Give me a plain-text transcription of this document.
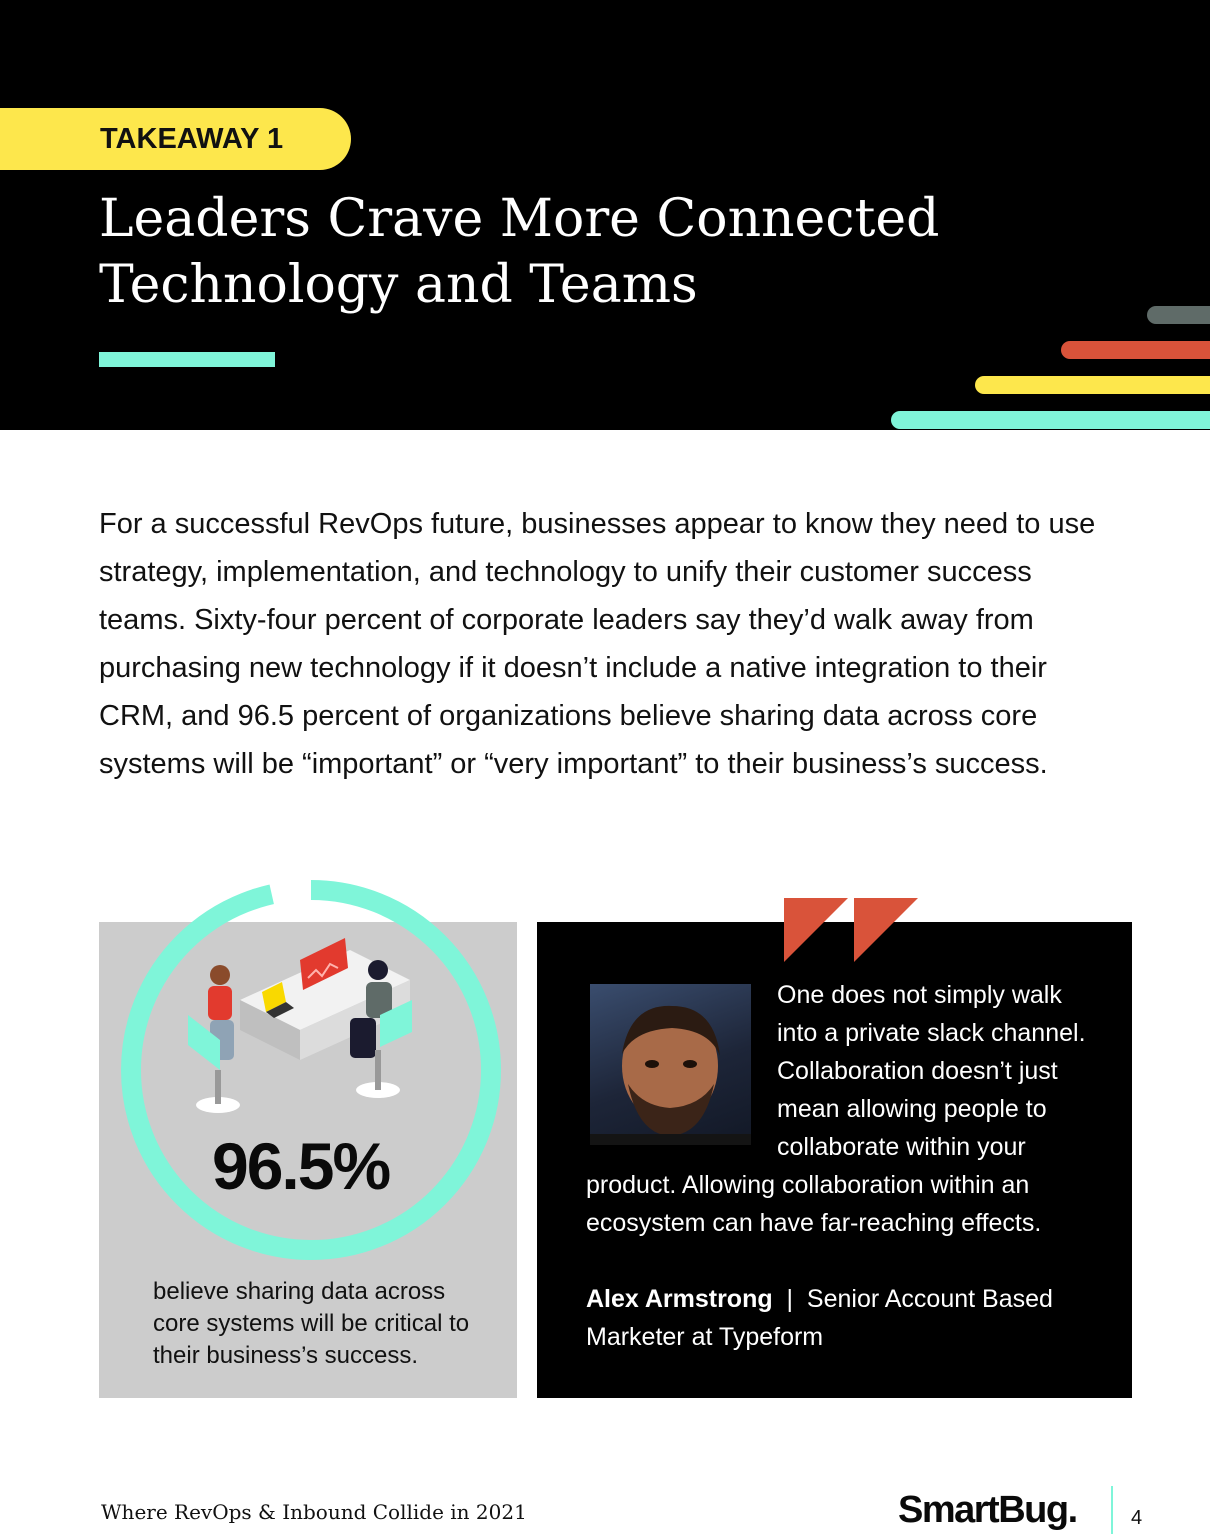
TAKEAWAY 1
Leaders Crave More Connected
Technology and Teams

For a successful RevOps future, businesses appear to know they need to use strategy, implementation, and technology to unify their customer success teams. Sixty-four percent of corporate leaders say they’d walk away from purchasing new technology if it doesn’t include a native integration to their CRM, and 96.5 percent of organizations believe sharing data across core systems will be “important” or “very important” to their business’s success.

96.5%

believe sharing data across core systems will be critical to their business’s success.

One does not simply walk into a private slack channel. Collaboration doesn’t just mean allowing people to collaborate within your product. Allowing collaboration within an ecosystem can have far-reaching effects.

Alex Armstrong | Senior Account Based Marketer at Typeform

Where RevOps & Inbound Collide in 2021	SmartBug.	4
